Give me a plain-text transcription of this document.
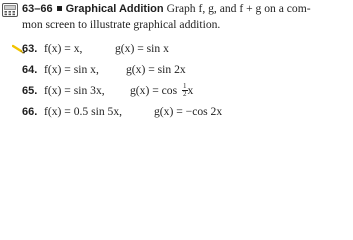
63–66 Graphical Addition Graph f, g, and f + g on a com-
mon screen to illustrate graphical addition.
63. f(x) = x,	g(x) = sin x
64. f(x) = sin x, g(x) = sin 2x
65. f(x) = sin 3x, $g(x) = \cos \frac{1}{2}$ x
66. f(x) = 0.5 sin 5x,	g(x) = −cos 2x
